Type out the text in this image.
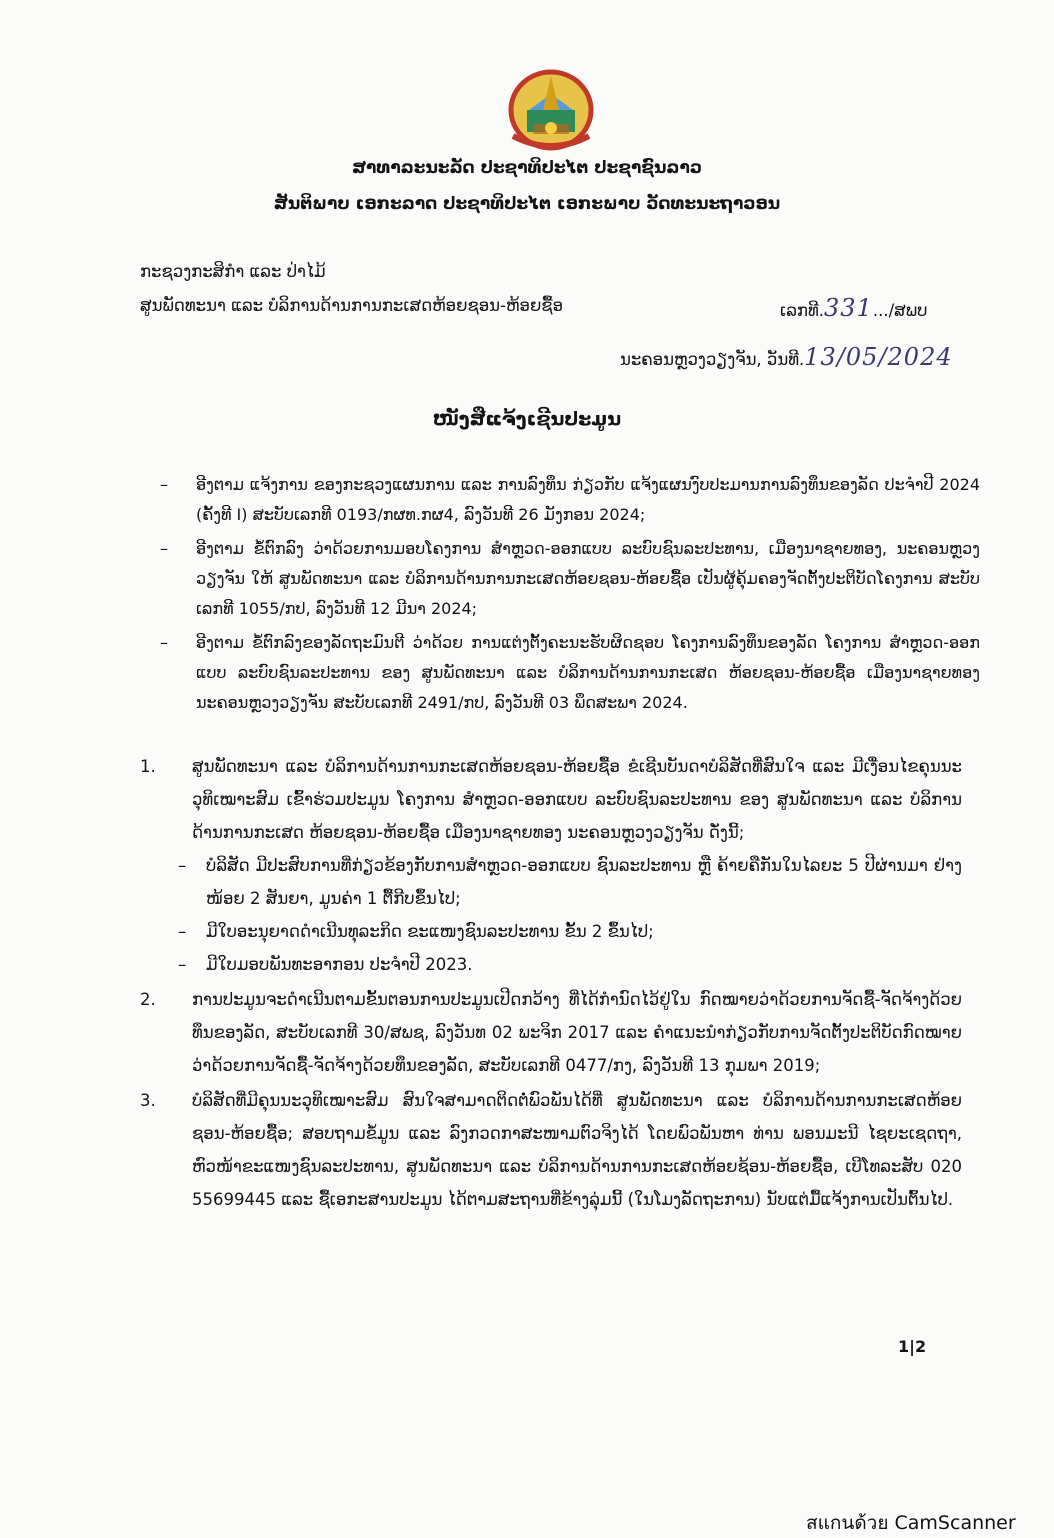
ສາທາລະນະລັດ ປະຊາທິປະໄຕ ປະຊາຊົນລາວ
ສັນຕິພາບ ເອກະລາດ ປະຊາທິປະໄຕ ເອກະພາບ ວັດທະນະຖາວອນ
ກະຊວງກະສິກຳ ແລະ ປ່າໄມ້
ສູນພັດທະນາ ແລະ ບໍລິການດ້ານການກະເສດຫ້ອຍຊອນ-ຫ້ອຍຊື້ອ	ເລກທີ.331.../ສພບ
ນະຄອນຫຼວງວຽງຈັນ, ວັນທີ.13/05/2024
ໜັງສືແຈ້ງເຊີນປະມູນ
– ອີງຕາມ ແຈ້ງການ ຂອງກະຊວງແຜນການ ແລະ ການລົງທຶນ ກ່ຽວກັບ ແຈ້ງແຜນງົບປະມານການລົງທຶນຂອງລັດ ປະຈຳປີ 2024 (ຄັ້ງທີ I) ສະບັບເລກທີ 0193/ກຜທ.ກຜ4, ລົງວັນທີ 26 ມັງກອນ 2024;
– ອີງຕາມ ຂໍ້ຕົກລົງ ວ່າດ້ວຍການມອບໂຄງການ ສຳຫຼວດ-ອອກແບບ ລະບົບຊົນລະປະທານ, ເມືອງນາຊາຍທອງ, ນະຄອນຫຼວງວຽງຈັນ ໃຫ້ ສູນພັດທະນາ ແລະ ບໍລິການດ້ານການກະເສດຫ້ອຍຊອນ-ຫ້ອຍຊື້ອ ເປັນຜູ້ຄຸ້ມຄອງຈັດຕັ້ງປະຕິບັດໂຄງການ ສະບັບເລກທີ 1055/ກປ, ລົງວັນທີ 12 ມີນາ 2024;
– ອີງຕາມ ຂໍ້ຕົກລົງຂອງລັດຖະມົນຕີ ວ່າດ້ວຍ ການແຕ່ງຕັ້ງຄະນະຮັບຜິດຊອບ ໂຄງການລົງທຶນຂອງລັດ ໂຄງການ ສຳຫຼວດ-ອອກແບບ ລະບົບຊົນລະປະທານ ຂອງ ສູນພັດທະນາ ແລະ ບໍລິການດ້ານການກະເສດ ຫ້ອຍຊອນ-ຫ້ອຍຊື້ອ ເມືອງນາຊາຍທອງ ນະຄອນຫຼວງວຽງຈັນ ສະບັບເລກທີ 2491/ກປ, ລົງວັນທີ 03 ພຶດສະພາ 2024.
1. ສູນພັດທະນາ ແລະ ບໍລິການດ້ານການກະເສດຫ້ອຍຊອນ-ຫ້ອຍຊື້ອ ຂໍເຊີນບັນດາບໍລິສັດທີ່ສົນໃຈ ແລະ ມີເງື່ອນໄຂຄຸນນະວຸທິເໝາະສົມ ເຂົ້າຮ່ວມປະມູນ ໂຄງການ ສຳຫຼວດ-ອອກແບບ ລະບົບຊົນລະປະທານ ຂອງ ສູນພັດທະນາ ແລະ ບໍລິການດ້ານການກະເສດ ຫ້ອຍຊອນ-ຫ້ອຍຊື້ອ ເມືອງນາຊາຍທອງ ນະຄອນຫຼວງວຽງຈັນ ດັ່ງນີ້;
– ບໍລິສັດ ມີປະສົບການທີ່ກ່ຽວຂ້ອງກັບການສຳຫຼວດ-ອອກແບບ ຊົນລະປະທານ ຫຼື ຄ້າຍຄືກັນໃນໄລຍະ 5 ປີຜ່ານມາ ຢ່າງໜ້ອຍ 2 ສັນຍາ, ມູນຄ່າ 1 ຕື້ກີບຂຶ້ນໄປ;
– ມີໃບອະນຸຍາດດຳເນີນທຸລະກິດ ຂະແໜງຊົນລະປະທານ ຂັ້ນ 2 ຂຶ້ນໄປ;
– ມີໃບມອບພັນທະອາກອນ ປະຈຳປີ 2023.
2. ການປະມູນຈະດຳເນີນຕາມຂັ້ນຕອນການປະມູນເປີດກວ້າງ ທີ່ໄດ້ກຳນົດໄວ້ຢູ່ໃນ ກົດໝາຍວ່າດ້ວຍການຈັດຊື້-ຈັດຈ້າງດ້ວຍທຶນຂອງລັດ, ສະບັບເລກທີ 30/ສພຊ, ລົງວັນທ 02 ພະຈິກ 2017 ແລະ ຄຳແນະນຳກ່ຽວກັບການຈັດຕັ້ງປະຕິບັດກົດໝາຍວ່າດ້ວຍການຈັດຊື້-ຈັດຈ້າງດ້ວຍທຶນຂອງລັດ, ສະບັບເລກທີ 0477/ກງ, ລົງວັນທີ 13 ກຸມພາ 2019;
3. ບໍລິສັດທີ່ມີຄຸນນະວຸທິເໝາະສົມ ສົນໃຈສາມາດຕິດຕໍ່ພົວພັນໄດ້ທີ່ ສູນພັດທະນາ ແລະ ບໍລິການດ້ານການກະເສດຫ້ອຍຊອນ-ຫ້ອຍຊື້ອ; ສອບຖາມຂໍ້ມູນ ແລະ ລົງກວດກາສະໜາມຕົວຈິງໄດ້ ໂດຍພົວພັນຫາ ທ່ານ ພອນມະນີ ໄຊຍະເຊດຖາ, ຫົວໜ້າຂະແໜງຊົນລະປະທານ, ສູນພັດທະນາ ແລະ ບໍລິການດ້ານການກະເສດຫ້ອຍຊ້ອນ-ຫ້ອຍຊື້ອ, ເບີໂທລະສັບ 020 55699445 ແລະ ຊື້ເອກະສານປະມູນ ໄດ້ຕາມສະຖານທີ່ຂ້າງລຸ່ມນີ້ (ໃນໂມງລັດຖະການ) ນັບແຕ່ມື້ແຈ້ງການເປັນຕົ້ນໄປ.
1|2
สแกนด้วย CamScanner
